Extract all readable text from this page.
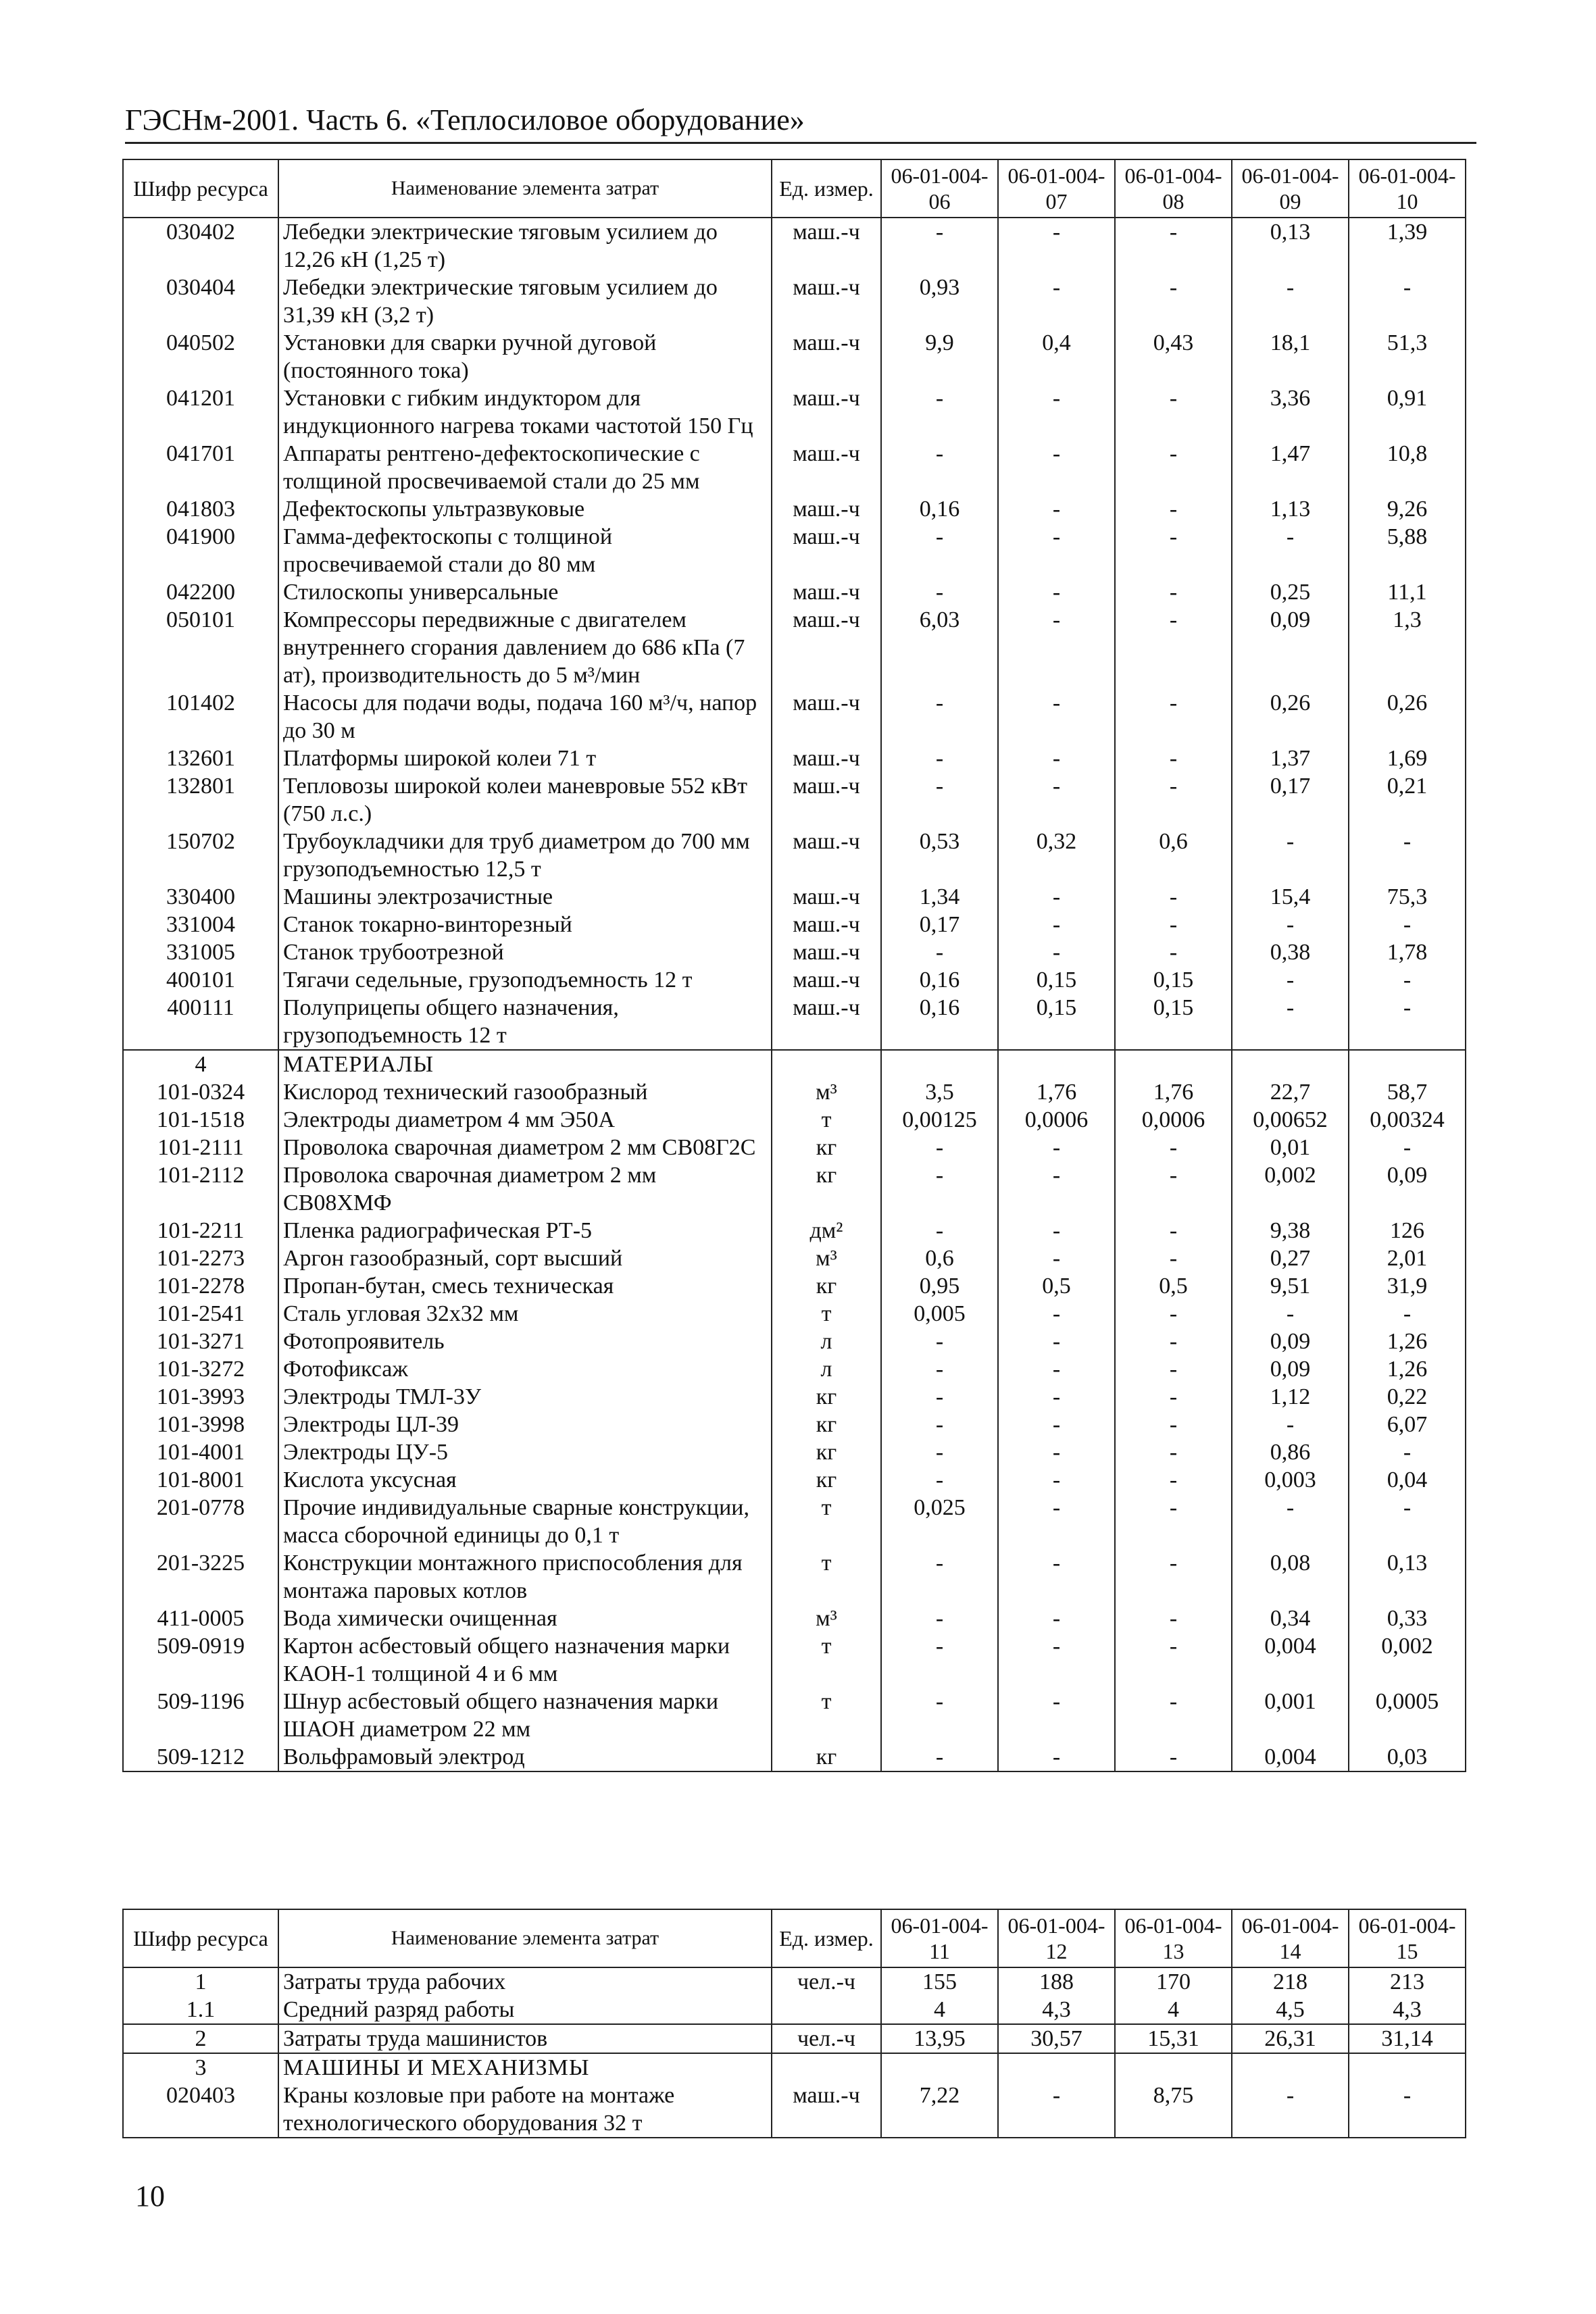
ГЭСНм-2001. Часть 6. «Теплосиловое оборудование»
Шифр ресурса	Наименование элемента затрат	Ед. измер.	06-01-004-06	06-01-004-07	06-01-004-08	06-01-004-09	06-01-004-10
030402	Лебедки электрические тяговым усилием до 12,26 кН (1,25 т)	маш.-ч	-	-	-	0,13	1,39
030404	Лебедки электрические тяговым усилием до 31,39 кН (3,2 т)	маш.-ч	0,93	-	-	-	-
040502	Установки для сварки ручной дуговой (постоянного тока)	маш.-ч	9,9	0,4	0,43	18,1	51,3
041201	Установки с гибким индуктором для индукционного нагрева токами частотой 150 Гц	маш.-ч	-	-	-	3,36	0,91
041701	Аппараты рентгено-дефектоскопические с толщиной просвечиваемой стали до 25 мм	маш.-ч	-	-	-	1,47	10,8
041803	Дефектоскопы ультразвуковые	маш.-ч	0,16	-	-	1,13	9,26
041900	Гамма-дефектоскопы с толщиной просвечиваемой стали до 80 мм	маш.-ч	-	-	-	-	5,88
042200	Стилоскопы универсальные	маш.-ч	-	-	-	0,25	11,1
050101	Компрессоры передвижные с двигателем внутреннего сгорания давлением до 686 кПа (7 ат), производительность до 5 м³/мин	маш.-ч	6,03	-	-	0,09	1,3
101402	Насосы для подачи воды, подача 160 м³/ч, напор до 30 м	маш.-ч	-	-	-	0,26	0,26
132601	Платформы широкой колеи 71 т	маш.-ч	-	-	-	1,37	1,69
132801	Тепловозы широкой колеи маневровые 552 кВт (750 л.с.)	маш.-ч	-	-	-	0,17	0,21
150702	Трубоукладчики для труб диаметром до 700 мм грузоподъемностью 12,5 т	маш.-ч	0,53	0,32	0,6	-	-
330400	Машины электрозачистные	маш.-ч	1,34	-	-	15,4	75,3
331004	Станок токарно-винторезный	маш.-ч	0,17	-	-	-	-
331005	Станок трубоотрезной	маш.-ч	-	-	-	0,38	1,78
400101	Тягачи седельные, грузоподъемность 12 т	маш.-ч	0,16	0,15	0,15	-	-
400111	Полуприцепы общего назначения, грузоподъемность 12 т	маш.-ч	0,16	0,15	0,15	-	-
4	МАТЕРИАЛЫ						
101-0324	Кислород технический газообразный	м³	3,5	1,76	1,76	22,7	58,7
101-1518	Электроды диаметром 4 мм Э50А	т	0,00125	0,0006	0,0006	0,00652	0,00324
101-2111	Проволока сварочная диаметром 2 мм СВ08Г2С	кг	-	-	-	0,01	-
101-2112	Проволока сварочная диаметром 2 мм СВ08ХМФ	кг	-	-	-	0,002	0,09
101-2211	Пленка радиографическая РТ-5	дм²	-	-	-	9,38	126
101-2273	Аргон газообразный, сорт высший	м³	0,6	-	-	0,27	2,01
101-2278	Пропан-бутан, смесь техническая	кг	0,95	0,5	0,5	9,51	31,9
101-2541	Сталь угловая 32х32 мм	т	0,005	-	-	-	-
101-3271	Фотопроявитель	л	-	-	-	0,09	1,26
101-3272	Фотофиксаж	л	-	-	-	0,09	1,26
101-3993	Электроды ТМЛ-3У	кг	-	-	-	1,12	0,22
101-3998	Электроды ЦЛ-39	кг	-	-	-	-	6,07
101-4001	Электроды ЦУ-5	кг	-	-	-	0,86	-
101-8001	Кислота уксусная	кг	-	-	-	0,003	0,04
201-0778	Прочие индивидуальные сварные конструкции, масса сборочной единицы до 0,1 т	т	0,025	-	-	-	-
201-3225	Конструкции монтажного приспособления для монтажа паровых котлов	т	-	-	-	0,08	0,13
411-0005	Вода химически очищенная	м³	-	-	-	0,34	0,33
509-0919	Картон асбестовый общего назначения марки КАОН-1 толщиной 4 и 6 мм	т	-	-	-	0,004	0,002
509-1196	Шнур асбестовый общего назначения марки ШАОН диаметром 22 мм	т	-	-	-	0,001	0,0005
509-1212	Вольфрамовый электрод	кг	-	-	-	0,004	0,03
Шифр ресурса	Наименование элемента затрат	Ед. измер.	06-01-004-11	06-01-004-12	06-01-004-13	06-01-004-14	06-01-004-15
1	Затраты труда рабочих	чел.-ч	155	188	170	218	213
1.1	Средний разряд работы		4	4,3	4	4,5	4,3
2	Затраты труда машинистов	чел.-ч	13,95	30,57	15,31	26,31	31,14
3	МАШИНЫ И МЕХАНИЗМЫ						
020403	Краны козловые при работе на монтаже технологического оборудования 32 т	маш.-ч	7,22	-	8,75	-	-
10
